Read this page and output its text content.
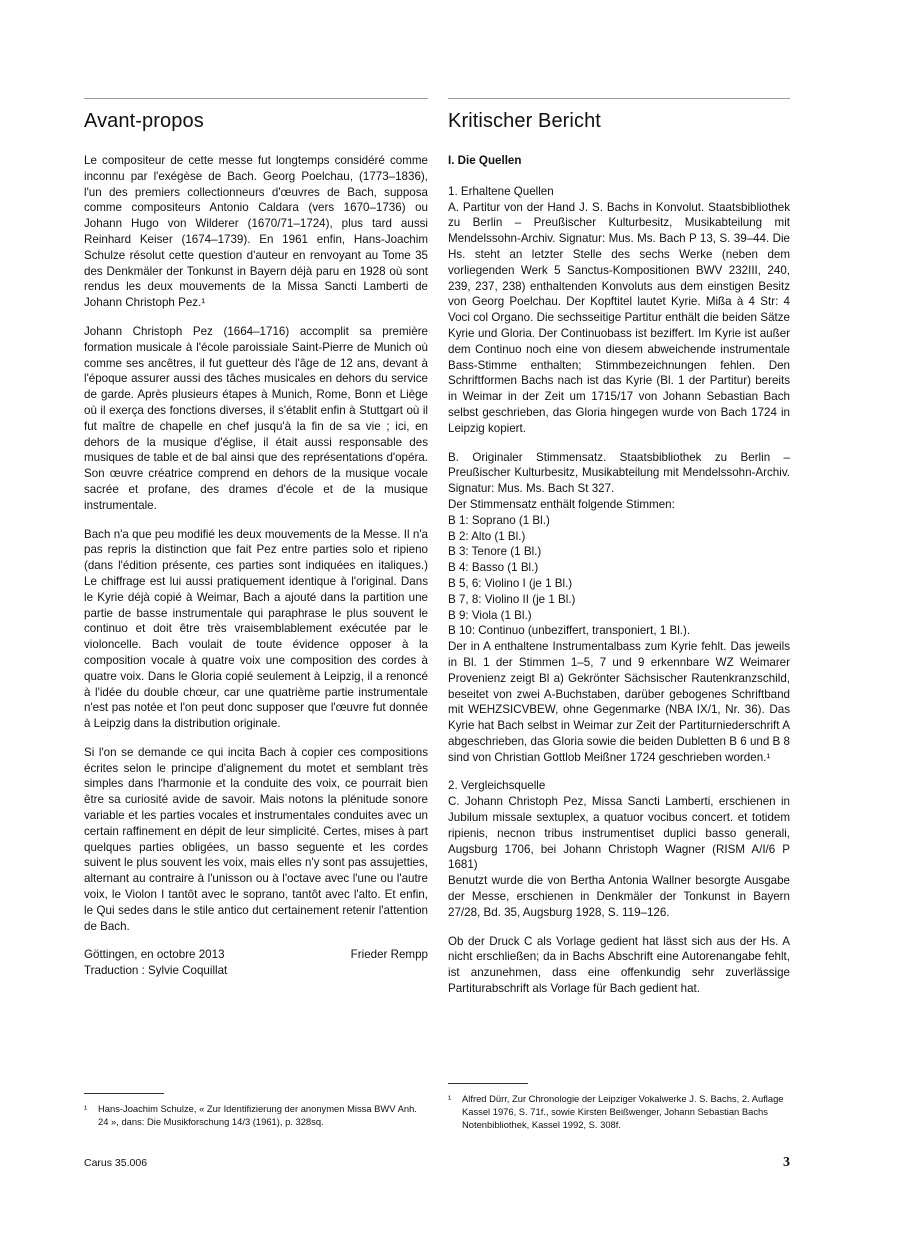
Avant-propos

Le compositeur de cette messe fut longtemps considéré comme inconnu par l'exégèse de Bach. Georg Poelchau, (1773–1836), l'un des premiers collectionneurs d'œuvres de Bach, supposa comme compositeurs Antonio Caldara (vers 1670–1736) ou Johann Hugo von Wilderer (1670/71–1724), plus tard aussi Reinhard Keiser (1674–1739). En 1961 enfin, Hans-Joachim Schulze résolut cette question d'auteur en renvoyant au Tome 35 des Denkmäler der Tonkunst in Bayern déjà paru en 1928 où sont rendus les deux mouvements de la Missa Sancti Lamberti de Johann Christoph Pez.¹

Johann Christoph Pez (1664–1716) accomplit sa première formation musicale à l'école paroissiale Saint-Pierre de Munich où comme ses ancêtres, il fut guetteur dès l'âge de 12 ans, devant à l'époque assurer aussi des tâches musicales en dehors du service de garde. Après plusieurs étapes à Munich, Rome, Bonn et Liège où il exerça des fonctions diverses, il s'établit enfin à Stuttgart où il fut maître de chapelle en chef jusqu'à la fin de sa vie ; ici, en dehors de la musique d'église, il était aussi responsable des musiques de table et de bal ainsi que des représentations d'opéra. Son œuvre créatrice comprend en dehors de la musique vocale sacrée et profane, des drames d'école et de la musique instrumentale.

Bach n'a que peu modifié les deux mouvements de la Messe. Il n'a pas repris la distinction que fait Pez entre parties solo et ripieno (dans l'édition présente, ces parties sont indiquées en italiques.) Le chiffrage est lui aussi pratiquement identique à l'original. Dans le Kyrie déjà copié à Weimar, Bach a ajouté dans la partition une partie de basse instrumentale qui paraphrase le plus souvent le continuo et doit être très vraisemblablement exécutée par le violoncelle. Bach voulait de toute évidence opposer à la composition vocale à quatre voix une composition des cordes à quatre voix. Dans le Gloria copié seulement à Leipzig, il a renoncé à l'idée du double chœur, car une quatrième partie instrumentale n'est pas notée et l'on peut donc supposer que l'œuvre fut donnée à Leipzig dans la distribution originale.

Si l'on se demande ce qui incita Bach à copier ces compositions écrites selon le principe d'alignement du motet et semblant très simples dans l'harmonie et la conduite des voix, ce pourrait bien être sa curiosité avide de savoir. Mais notons la plénitude sonore variable et les parties vocales et instrumentales conduites avec un certain raffinement en dépit de leur simplicité. Certes, mises à part quelques parties obligées, un basso seguente et les cordes suivent le plus souvent les voix, mais elles n'y sont pas assujetties, alternant au contraire à l'unisson ou à l'octave avec l'une ou l'autre voix, le Violon I tantôt avec le soprano, tantôt avec l'alto. Et enfin, le Qui sedes dans le stile antico dut certainement retenir l'attention de Bach.

Göttingen, en octobre 2013	Frieder Rempp
Traduction : Sylvie Coquillat
Kritischer Bericht
I. Die Quellen
1. Erhaltene Quellen

A. Partitur von der Hand J. S. Bachs in Konvolut. Staatsbibliothek zu Berlin – Preußischer Kulturbesitz, Musikabteilung mit Mendelssohn-Archiv. Signatur: Mus. Ms. Bach P 13, S. 39–44. Die Hs. steht an letzter Stelle des sechs Werke (neben dem vorliegenden Werk 5 Sanctus-Kompositionen BWV 232III, 240, 239, 237, 238) enthaltenden Konvoluts aus dem einstigen Besitz von Georg Poelchau. Der Kopftitel lautet Kyrie. Mißa à 4 Str: 4 Voci col Organo. Die sechsseitige Partitur enthält die beiden Sätze Kyrie und Gloria. Der Continuobass ist beziffert. Im Kyrie ist außer dem Continuo noch eine von diesem abweichende instrumentale Bass-Stimme enthalten; Stimmbezeichnungen fehlen. Den Schriftformen Bachs nach ist das Kyrie (Bl. 1 der Partitur) bereits in Weimar in der Zeit um 1715/17 von Johann Sebastian Bach selbst geschrieben, das Gloria hingegen wurde von Bach 1724 in Leipzig kopiert.

B. Originaler Stimmensatz. Staatsbibliothek zu Berlin – Preußischer Kulturbesitz, Musikabteilung mit Mendelssohn-Archiv. Signatur: Mus. Ms. Bach St 327.

Der Stimmensatz enthält folgende Stimmen:
B 1: Soprano (1 Bl.)
B 2: Alto (1 Bl.)
B 3: Tenore (1 Bl.)
B 4: Basso (1 Bl.)
B 5, 6: Violino I (je 1 Bl.)
B 7, 8: Violino II (je 1 Bl.)
B 9: Viola (1 Bl.)
B 10: Continuo (unbeziffert, transponiert, 1 Bl.).

Der in A enthaltene Instrumentalbass zum Kyrie fehlt. Das jeweils in Bl. 1 der Stimmen 1–5, 7 und 9 erkennbare WZ Weimarer Provenienz zeigt Bl a) Gekrönter Sächsischer Rautenkranzschild, beseitet von zwei A-Buchstaben, darüber gebogenes Schriftband mit WEHZSICVBEW, ohne Gegenmarke (NBA IX/1, Nr. 36). Das Kyrie hat Bach selbst in Weimar zur Zeit der Partiturniederschrift A abgeschrieben, das Gloria sowie die beiden Dubletten B 6 und B 8 sind von Christian Gottlob Meißner 1724 geschrieben worden.¹

2. Vergleichsquelle

C. Johann Christoph Pez, Missa Sancti Lamberti, erschienen in Jubilum missale sextuplex, a quatuor vocibus concert. et totidem ripienis, necnon tribus instrumentiset duplici basso generali, Augsburg 1706, bei Johann Christoph Wagner (RISM A/I/6 P 1681)

Benutzt wurde die von Bertha Antonia Wallner besorgte Ausgabe der Messe, erschienen in Denkmäler der Tonkunst in Bayern 27/28, Bd. 35, Augsburg 1928, S. 119–126.

Ob der Druck C als Vorlage gedient hat lässt sich aus der Hs. A nicht erschließen; da in Bachs Abschrift eine Autorenangabe fehlt, ist anzunehmen, dass eine offenkundig sehr zuverlässige Partiturabschrift als Vorlage für Bach gedient hat.

¹	Hans-Joachim Schulze, « Zur Identifizierung der anonymen Missa BWV Anh. 24 », dans: Die Musikforschung 14/3 (1961), p. 328sq.
¹	Alfred Dürr, Zur Chronologie der Leipziger Vokalwerke J. S. Bachs, 2. Auflage Kassel 1976, S. 71f., sowie Kirsten Beißwenger, Johann Sebastian Bachs Notenbibliothek, Kassel 1992, S. 308f.
Carus 35.006	3
